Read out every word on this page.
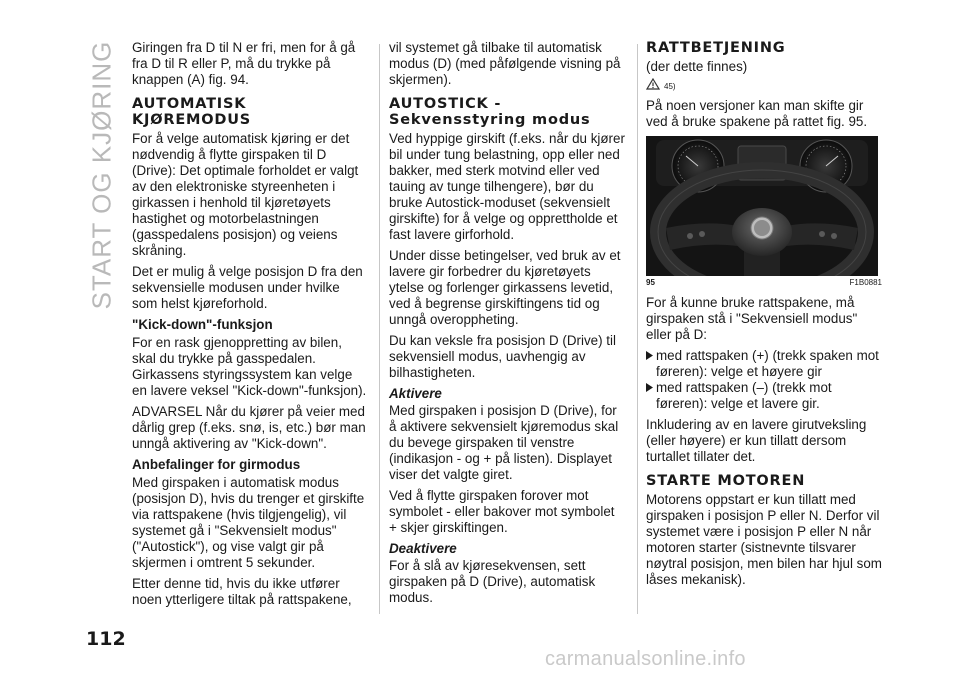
START OG KJØRING Giringen fra D til N er fri, men for å gå fra D til R eller P, må du trykke på knappen (A) fig. 94.

AUTOMATISK KJØREMODUS

For å velge automatisk kjøring er det nødvendig å flytte girspaken til D (Drive): Det optimale forholdet er valgt av den elektroniske styreenheten i girkassen i henhold til kjøretøyets hastighet og motorbelastningen (gasspedalens posisjon) og veiens skråning.

Det er mulig å velge posisjon D fra den sekvensielle modusen under hvilke som helst kjøreforhold.

"Kick-down"-funksjon

For en rask gjenoppretting av bilen, skal du trykke på gasspedalen. Girkassens styringssystem kan velge en lavere veksel "Kick-down"-funksjon).

ADVARSEL Når du kjører på veier med dårlig grep (f.eks. snø, is, etc.) bør man unngå aktivering av "Kick-down".

Anbefalinger for girmodus

Med girspaken i automatisk modus (posisjon D), hvis du trenger et girskifte via rattspakene (hvis tilgjengelig), vil systemet gå i "Sekvensielt modus" ("Autostick"), og vise valgt gir på skjermen i omtrent 5 sekunder.

Etter denne tid, hvis du ikke utfører noen ytterligere tiltak på rattspakene,

vil systemet gå tilbake til automatisk modus (D) (med påfølgende visning på skjermen).

AUTOSTICK - Sekvensstyring modus

Ved hyppige girskift (f.eks. når du kjører bil under tung belastning, opp eller ned bakker, med sterk motvind eller ved tauing av tunge tilhengere), bør du bruke Autostick-moduset (sekvensielt girskifte) for å velge og opprettholde et fast lavere girforhold.

Under disse betingelser, ved bruk av et lavere gir forbedrer du kjøretøyets ytelse og forlenger girkassens levetid, ved å begrense girskiftingens tid og unngå overoppheting.

Du kan veksle fra posisjon D (Drive) til sekvensiell modus, uavhengig av bilhastigheten.

Aktivere

Med girspaken i posisjon D (Drive), for å aktivere sekvensielt kjøremodus skal du bevege girspaken til venstre (indikasjon - og + på listen). Displayet viser det valgte giret.

Ved å flytte girspaken forover mot symbolet - eller bakover mot symbolet + skjer girskiftingen.

Deaktivere

For å slå av kjøresekvensen, sett girspaken på D (Drive), automatisk modus.

RATTBETJENING

(der dette finnes)

45)

På noen versjoner kan man skifte gir ved å bruke spakene på rattet fig. 95.

95	F1B0881

For å kunne bruke rattspakene, må girspaken stå i "Sekvensiell modus" eller på D:

med rattspaken (+) (trekk spaken mot føreren): velge et høyere gir

med rattspaken (–) (trekk mot føreren): velge et lavere gir.

Inkludering av en lavere girutveksling (eller høyere) er kun tillatt dersom turtallet tillater det.

STARTE MOTOREN

Motorens oppstart er kun tillatt med girspaken i posisjon P eller N. Derfor vil systemet være i posisjon P eller N når motoren starter (sistnevnte tilsvarer nøytral posisjon, men bilen har hjul som låses mekanisk).

112
carmanualsonline.info
